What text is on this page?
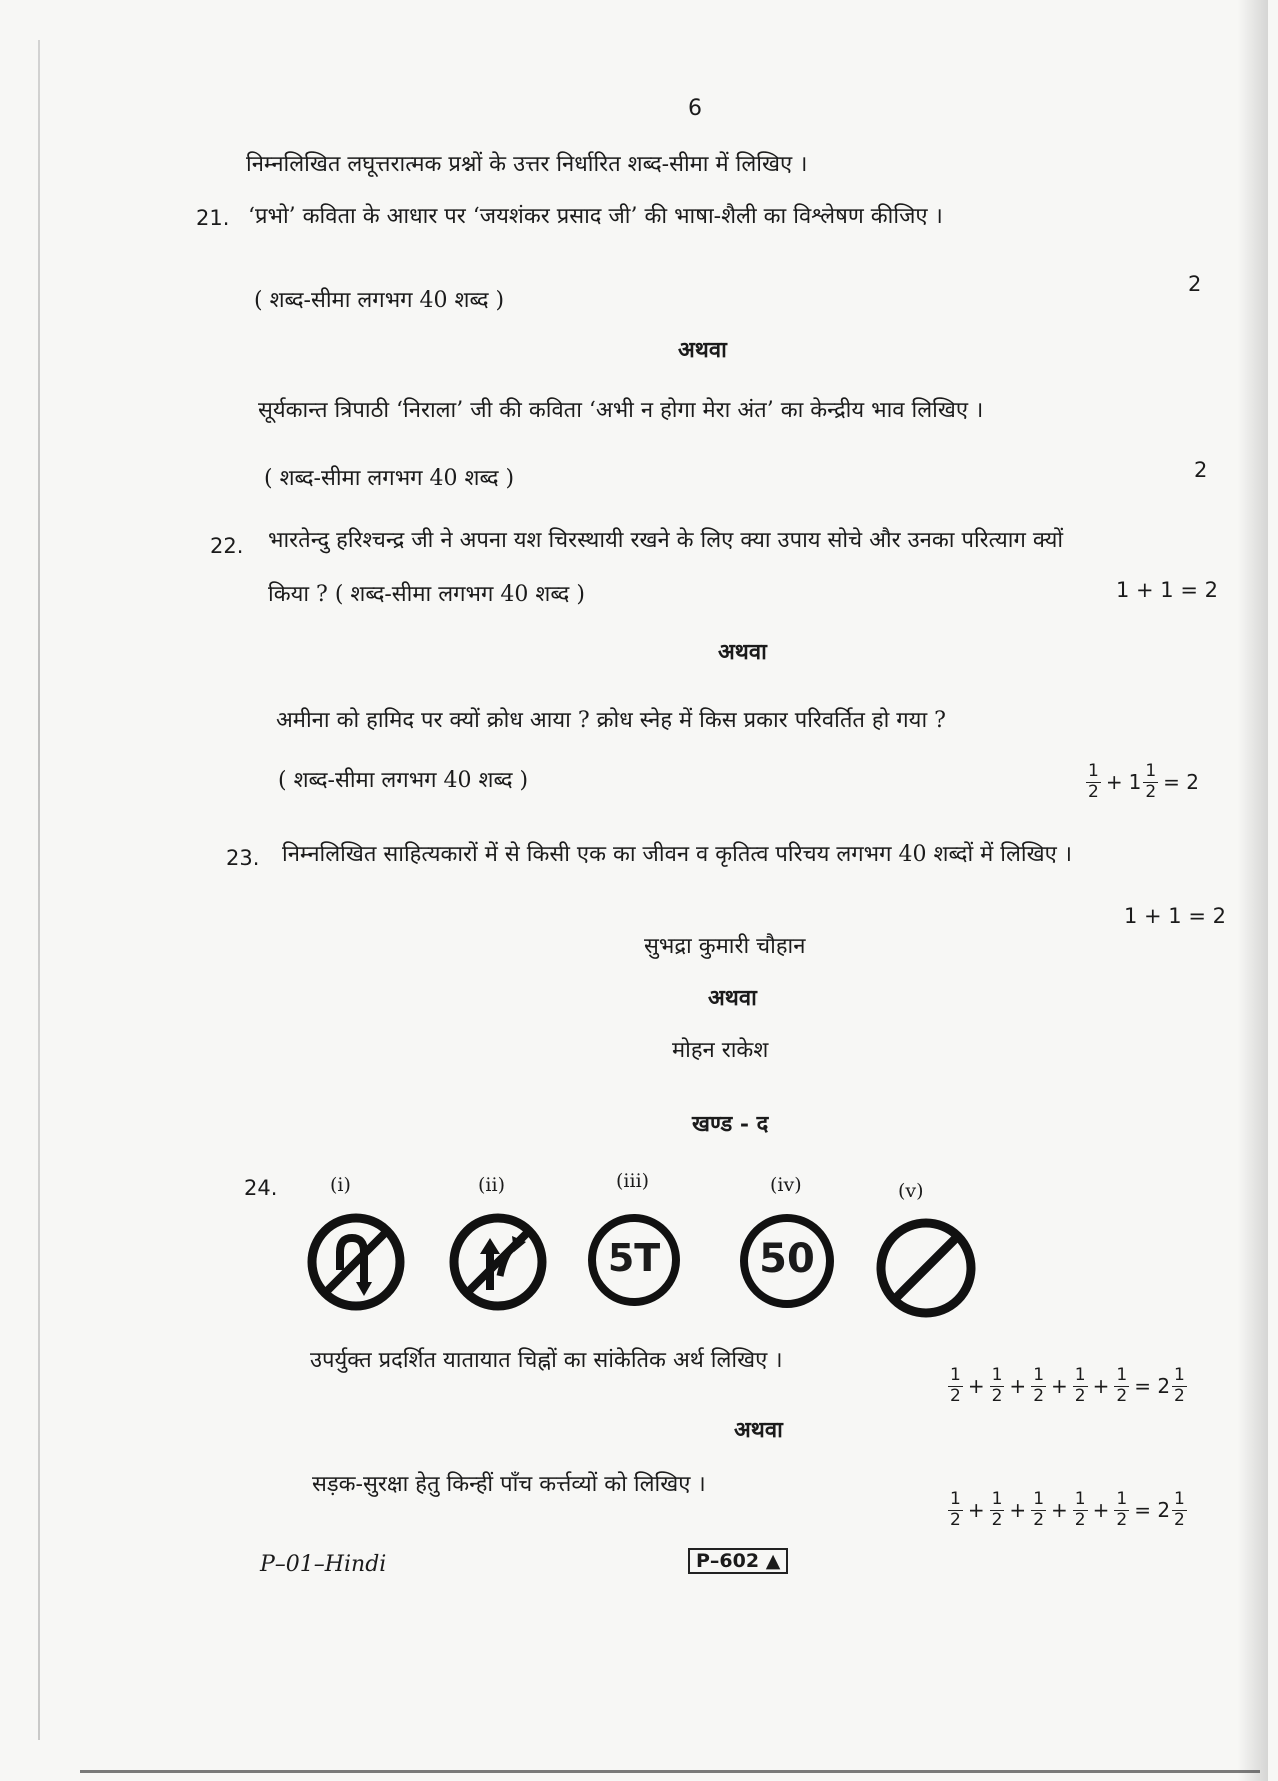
6
निम्नलिखित लघूत्तरात्मक प्रश्नों के उत्तर निर्धारित शब्द-सीमा में लिखिए ।
21. ‘प्रभो’ कविता के आधार पर ‘जयशंकर प्रसाद जी’ की भाषा-शैली का विश्लेषण कीजिए ।
( शब्द-सीमा लगभग 40 शब्द )
2
अथवा
सूर्यकान्त त्रिपाठी ‘निराला’ जी की कविता ‘अभी न होगा मेरा अंत’ का केन्द्रीय भाव लिखिए ।
( शब्द-सीमा लगभग 40 शब्द )	2
22. भारतेन्दु हरिश्चन्द्र जी ने अपना यश चिरस्थायी रखने के लिए क्या उपाय सोचे और उनका परित्याग क्यों
किया ? ( शब्द-सीमा लगभग 40 शब्द )	1 + 1 = 2
अथवा
अमीना को हामिद पर क्यों क्रोध आया ? क्रोध स्नेह में किस प्रकार परिवर्तित हो गया ?
( शब्द-सीमा लगभग 40 शब्द )	$\frac{1}{2} + 1 \frac{1}{2} = 2$
23. निम्नलिखित साहित्यकारों में से किसी एक का जीवन व कृतित्व परिचय लगभग 40 शब्दों में लिखिए ।
1 + 1 = 2
सुभद्रा कुमारी चौहान
अथवा
मोहन राकेश
खण्ड - द
24.	(i)	(ii)	(iii)	(iv)	(v)
5T	50
उपर्युक्त प्रदर्शित यातायात चिह्नों का सांकेतिक अर्थ लिखिए ।
$\frac{1}{2} + \frac{1}{2} + \frac{1}{2} + \frac{1}{2} + \frac{1}{2} = 2 \frac{1}{2}$
अथवा
सड़क-सुरक्षा हेतु किन्हीं पाँच कर्त्तव्यों को लिखिए ।
$\frac{1}{2} + \frac{1}{2} + \frac{1}{2} + \frac{1}{2} + \frac{1}{2} = 2 \frac{1}{2}$
P–01–Hindi	P–602 ▲
